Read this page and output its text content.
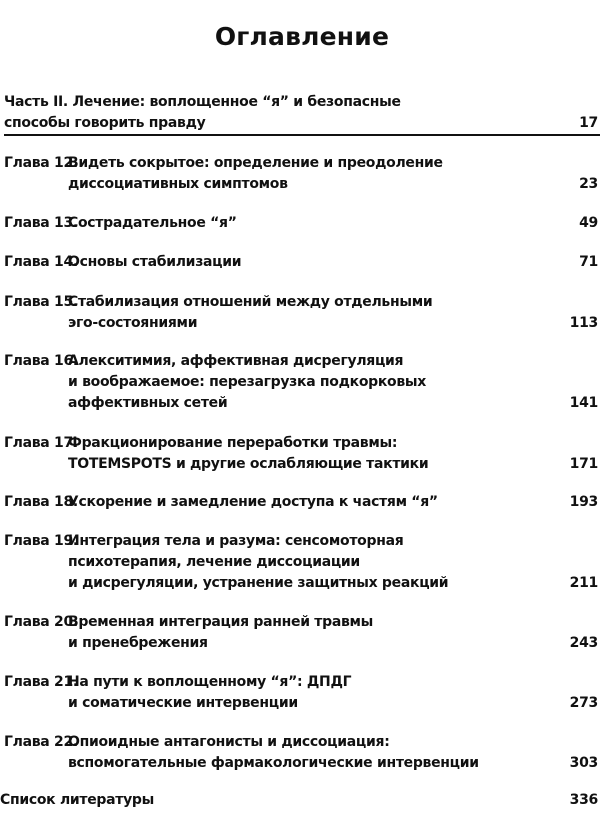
Оглавление
Часть II. Лечение: воплощенное “я” и безопасные
способы говорить правду	17
Глава 12.
Видеть сокрытое: определение и преодоление
диссоциативных симптомов	23
Глава 13.
Сострадательное “я”	49
Глава 14.
Основы стабилизации	71
Глава 15.
Стабилизация отношений между отдельными
эго-состояниями	113
Глава 16.
Алекситимия, аффективная дисрегуляция
и воображаемое: перезагрузка подкорковых
аффективных сетей	141
Глава 17.
Фракционирование переработки травмы:
TOTEMSPOTS и другие ослабляющие тактики	171
Глава 18.
Ускорение и замедление доступа к частям “я”	193
Глава 19.
Интеграция тела и разума: сенсомоторная
психотерапия, лечение диссоциации
и дисрегуляции, устранение защитных реакций	211
Глава 20.
Временная интеграция ранней травмы
и пренебрежения	243
Глава 21.
На пути к воплощенному “я”: ДПДГ
и соматические интервенции	273
Глава 22.
Опиоидные антагонисты и диссоциация:
вспомогательные фармакологические интервенции	303
Список литературы	336
